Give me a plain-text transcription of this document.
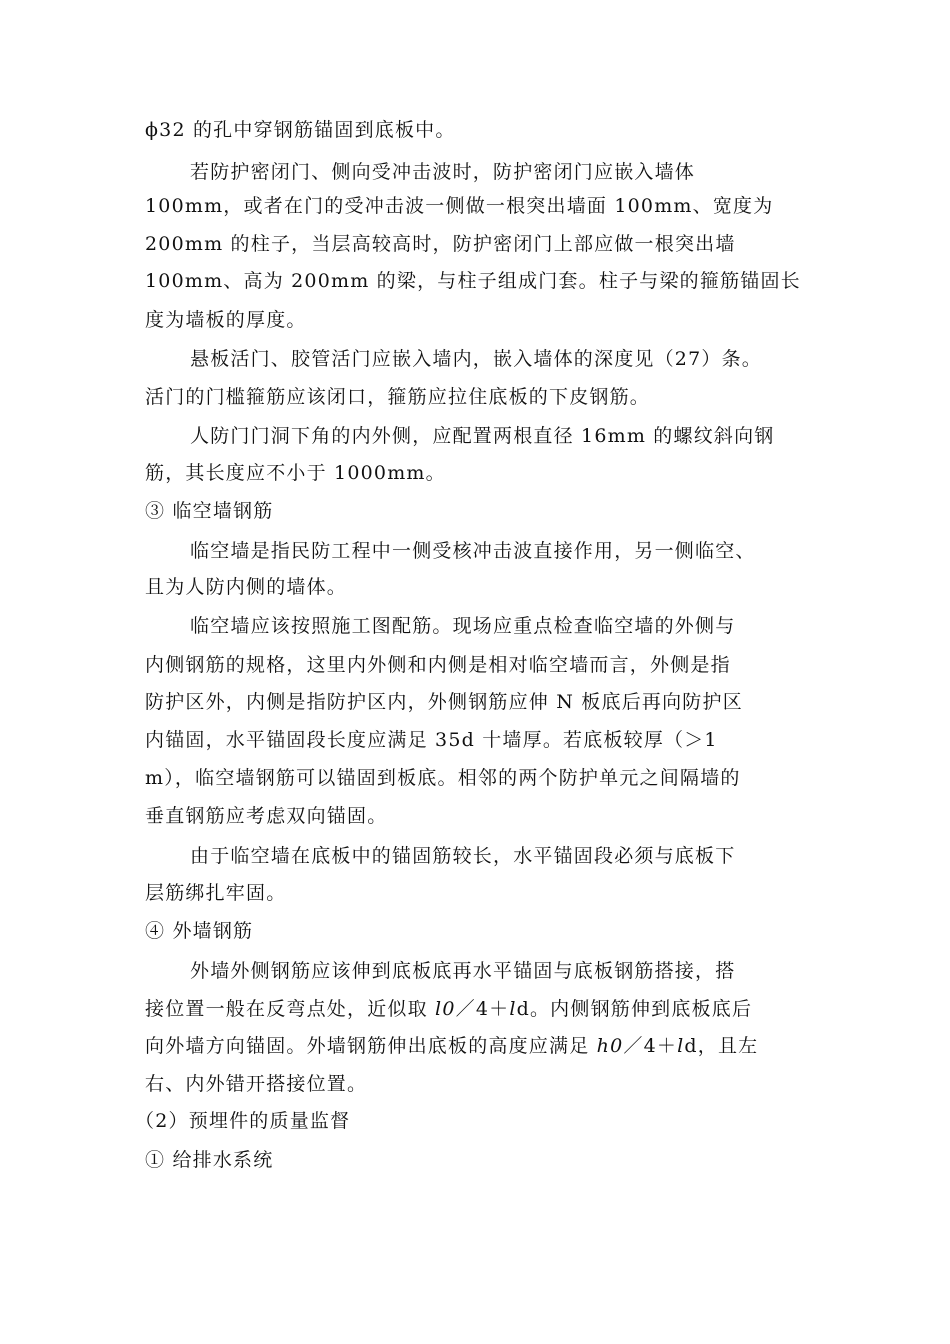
ϕ32 的孔中穿钢筋锚固到底板中。
若防护密闭门、侧向受冲击波时，防护密闭门应嵌入墙体
100mm，或者在门的受冲击波一侧做一根突出墙面 100mm、宽度为
200mm 的柱子，当层高较高时，防护密闭门上部应做一根突出墙
100mm、高为 200mm 的梁，与柱子组成门套。柱子与梁的箍筋锚固长
度为墙板的厚度。
悬板活门、胶管活门应嵌入墙内，嵌入墙体的深度见（27）条。
活门的门槛箍筋应该闭口，箍筋应拉住底板的下皮钢筋。
人防门门洞下角的内外侧，应配置两根直径 16mm 的螺纹斜向钢
筋，其长度应不小于 1000mm。
③ 临空墙钢筋
临空墙是指民防工程中一侧受核冲击波直接作用，另一侧临空、
且为人防内侧的墙体。
临空墙应该按照施工图配筋。现场应重点检查临空墙的外侧与
内侧钢筋的规格，这里内外侧和内侧是相对临空墙而言，外侧是指
防护区外，内侧是指防护区内，外侧钢筋应伸 N 板底后再向防护区
内锚固，水平锚固段长度应满足 35d 十墙厚。若底板较厚（＞1
m），临空墙钢筋可以锚固到板底。相邻的两个防护单元之间隔墙的
垂直钢筋应考虑双向锚固。
由于临空墙在底板中的锚固筋较长，水平锚固段必须与底板下
层筋绑扎牢固。
④ 外墙钢筋
外墙外侧钢筋应该伸到底板底再水平锚固与底板钢筋搭接，搭
接位置一般在反弯点处，近似取 l0／4＋ld。内侧钢筋伸到底板底后
向外墙方向锚固。外墙钢筋伸出底板的高度应满足 h0／4＋ld，且左
右、内外错开搭接位置。
（2）预埋件的质量监督
① 给排水系统
